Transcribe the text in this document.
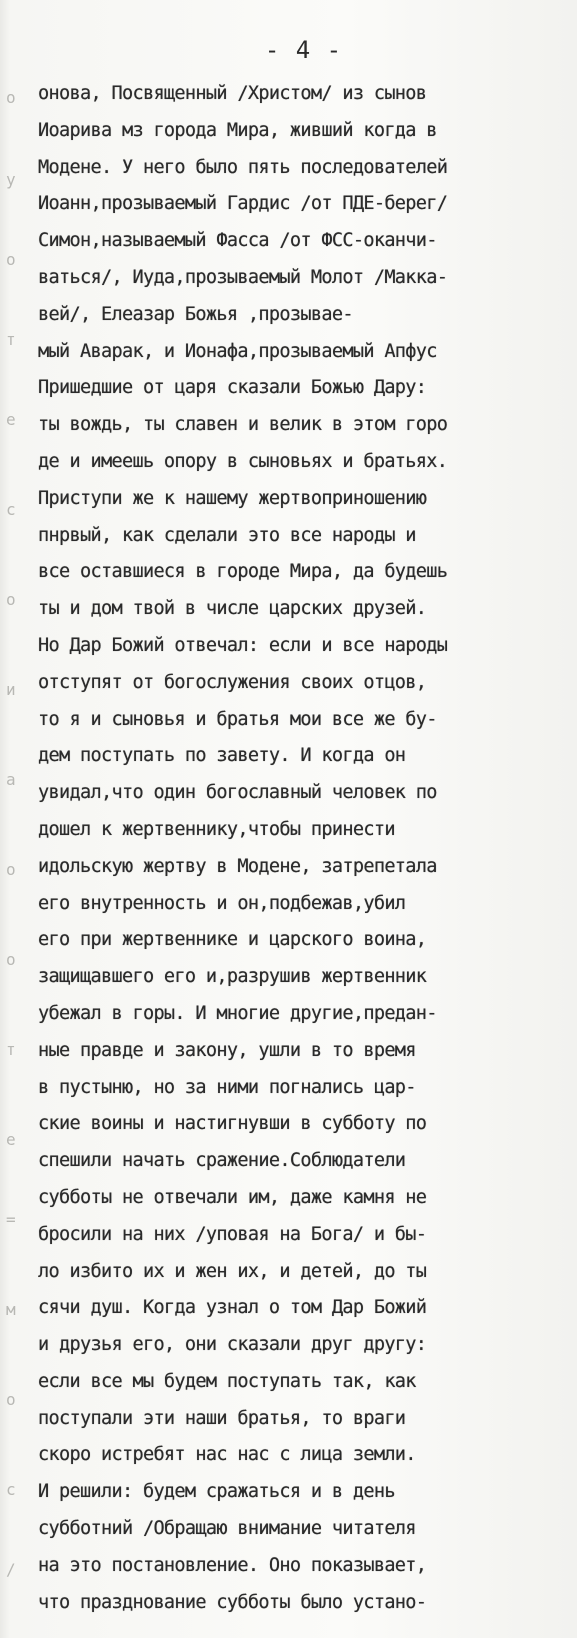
о
у
о
т
е
с
о
и
а
о
о
т
е
=
м
о
с
/
- 4 -
онова, Посвященный /Христом/ из сынов
Иоарива мз города Мира, живший когда в
Модене. У него было пять последователей
Иоанн,прозываемый Гардис /от ПДЕ-берег/
Симон,называемый Фасса /от ФСС-оканчи-
ваться/, Иуда,прозываемый Молот /Макка-
вей/, Елеазар Божья ,прозывае-
мый Аварак, и Ионафа,прозываемый Апфус
Пришедшие от царя сказали Божью Дару:
ты вождь, ты славен и велик в этом горо
де и имеешь опору в сыновьях и братьях.
Приступи же к нашему жертвоприношению
пнрвый, как сделали это все народы и
все оставшиеся в городе Мира, да будешь
ты и дом твой в числе царских друзей.
Но Дар Божий отвечал: если и все народы
отступят от богослужения своих отцов,
то я и сыновья и братья мои все же бу-
дем поступать по завету. И когда он
увидал,что один богославный человек по
дошел к жертвеннику,чтобы принести
идольскую жертву в Модене, затрепетала
его внутренность и он,подбежав,убил
его при жертвеннике и царского воина,
защищавшего его и,разрушив жертвенник
убежал в горы. И многие другие,предан-
ные правде и закону, ушли в то время
в пустыню, но за ними погнались цар-
ские воины и настигнувши в субботу по
спешили начать сражение.Соблюдатели
субботы не отвечали им, даже камня не
бросили на них /уповая на Бога/ и бы-
ло избито их и жен их, и детей, до ты
сячи душ. Когда узнал о том Дар Божий
и друзья его, они сказали друг другу:
если все мы будем поступать так, как
поступали эти наши братья, то враги
скоро истребят нас нас с лица земли.
И решили: будем сражаться и в день
субботний /Обращаю внимание читателя
на это постановление. Оно показывает,
что празднование субботы было устано-
